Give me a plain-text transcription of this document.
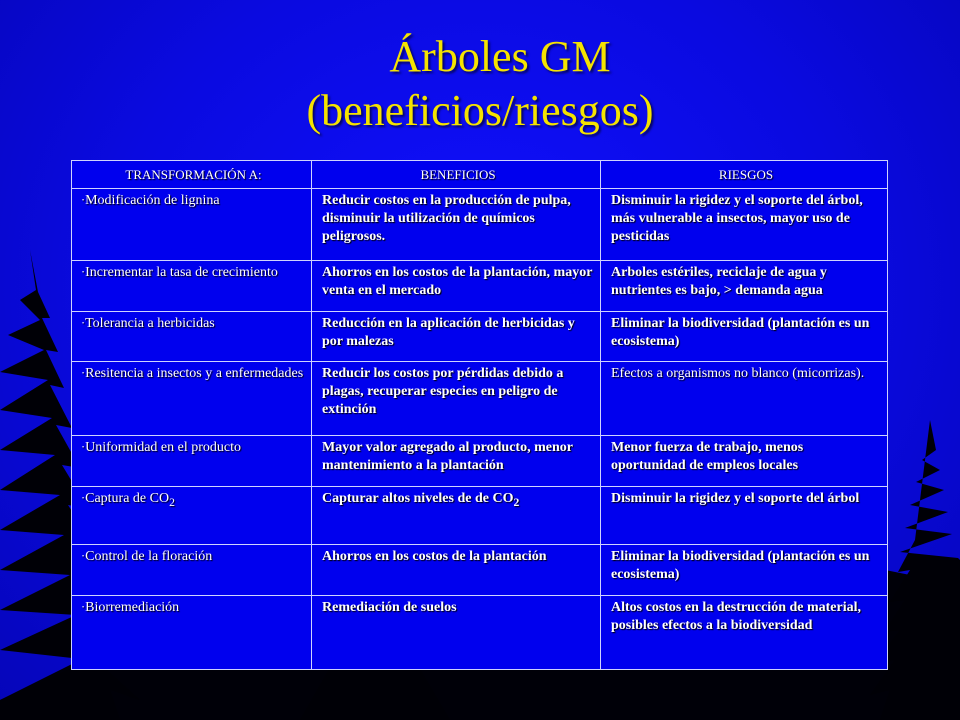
Árboles GM
(beneficios/riesgos)
TRANSFORMACIÓN A:	BENEFICIOS	RIESGOS
•Modificación de lignina	Reducir costos en la producción de pulpa, disminuir la utilización de químicos peligrosos.	Disminuir la rigidez y el soporte del árbol, más vulnerable a insectos, mayor uso de pesticidas
•Incrementar la tasa de crecimiento	Ahorros en los costos de la plantación, mayor venta en el mercado	Arboles estériles, reciclaje de agua y nutrientes es bajo, > demanda agua
•Tolerancia a herbicidas	Reducción en la aplicación de herbicidas y por malezas	Eliminar la biodiversidad (plantación es un ecosistema)
•Resitencia a insectos y a enfermedades	Reducir los costos por pérdidas debido a plagas, recuperar especies en peligro de extinción	Efectos a organismos no blanco (micorrizas).
•Uniformidad en el producto	Mayor valor agregado al producto, menor mantenimiento a la plantación	Menor fuerza de trabajo, menos oportunidad de empleos locales
•Captura de $CO_2$	Capturar altos niveles de de $CO_2$	Disminuir la rigidez y el soporte del árbol
•Control de la floración	Ahorros en los costos de la plantación	Eliminar la biodiversidad (plantación es un ecosistema)
•Biorremediación	Remediación de suelos	Altos costos en la destrucción de material, posibles efectos a la biodiversidad
